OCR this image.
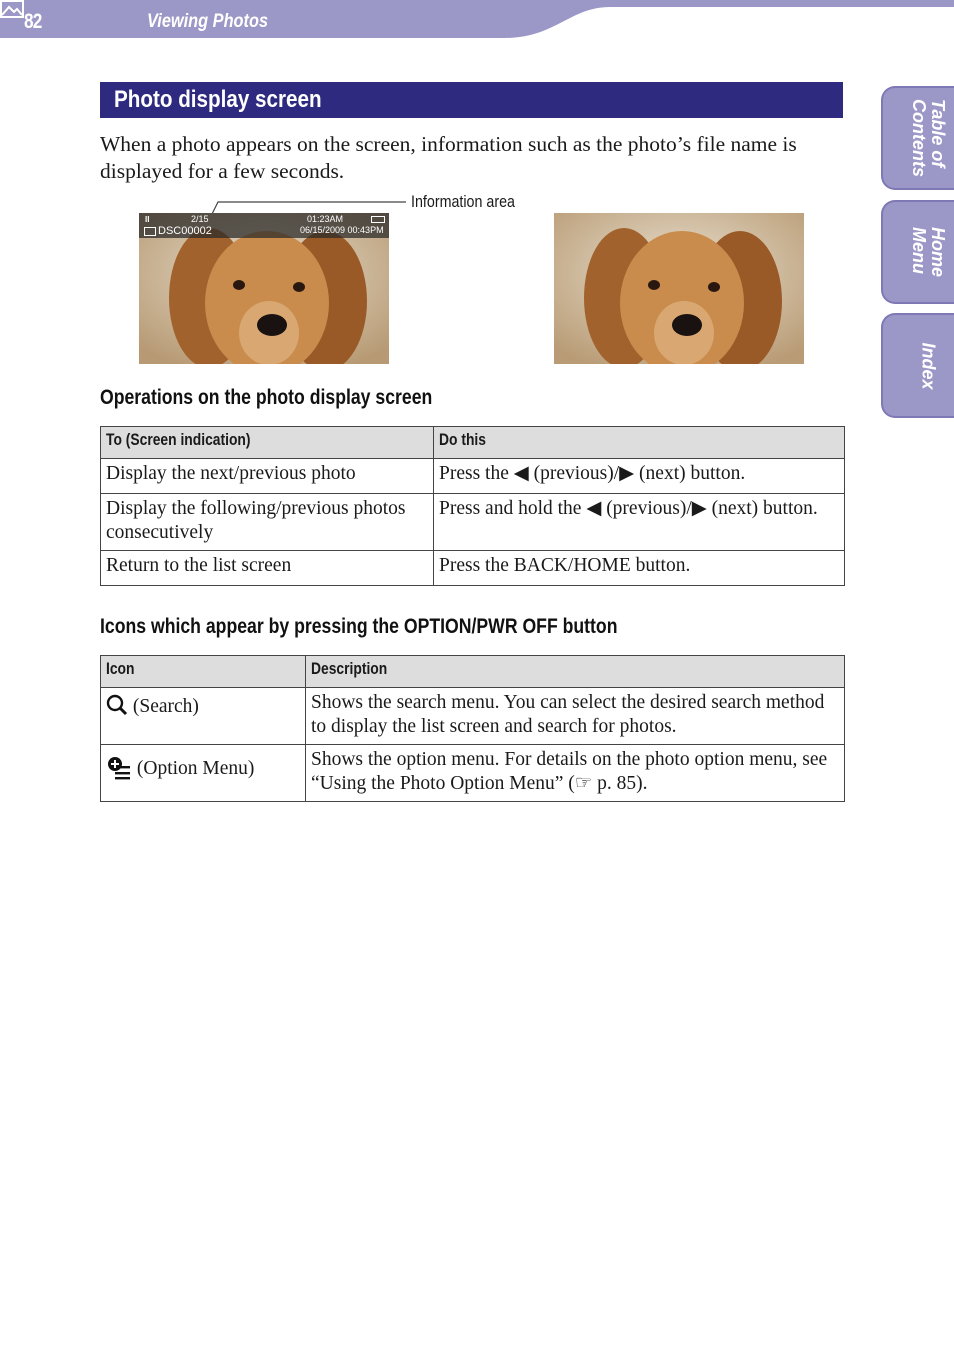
82	Viewing Photos
Photo display screen
When a photo appears on the screen, information such as the photo’s file name is displayed for a few seconds.
Information area
II	2/15	01:23AM
DSC00002	06/15/2009 00:43PM
Operations on the photo display screen
To (Screen indication)	Do this
Display the next/previous photo	Press the ◀ (previous)/▶ (next) button.
Display the following/previous photos consecutively	Press and hold the ◀ (previous)/▶ (next) button.
Return to the list screen	Press the BACK/HOME button.
Icons which appear by pressing the OPTION/PWR OFF button
Icon	Description
(Search)	Shows the search menu. You can select the desired search method to display the list screen and search for photos.
(Option Menu)	Shows the option menu. For details on the photo option menu, see “Using the Photo Option Menu” (☞ p. 85).
Table of
Contents
Home
Menu
Index
